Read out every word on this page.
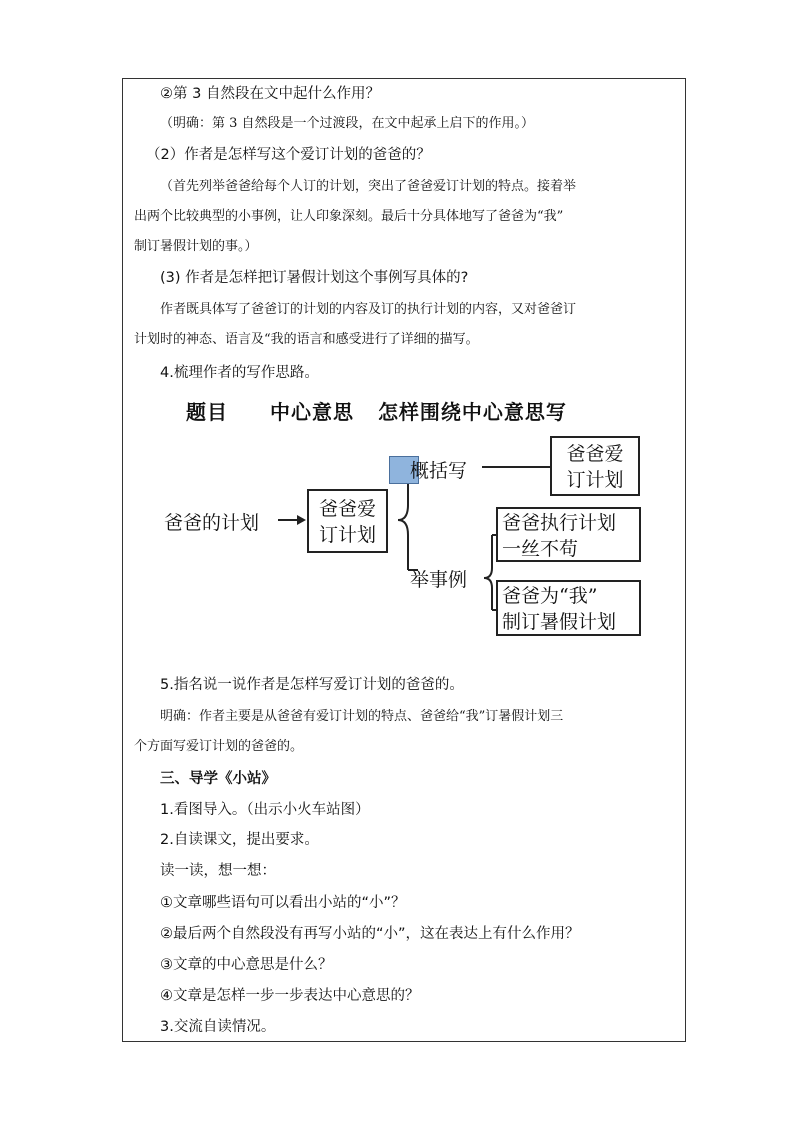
②第 3 自然段在文中起什么作用？
（明确：第 3 自然段是一个过渡段，在文中起承上启下的作用。）
（2）作者是怎样写这个爱订计划的爸爸的？
（首先列举爸爸给每个人订的计划，突出了爸爸爱订计划的特点。接着举
出两个比较典型的小事例，让人印象深刻。最后十分具体地写了爸爸为“我”
制订暑假计划的事。）
(3) 作者是怎样把订暑假计划这个事例写具体的?
作者既具体写了爸爸订的计划的内容及订的执行计划的内容，又对爸爸订
计划时的神态、语言及“我的语言和感受进行了详细的描写。
4.梳理作者的写作思路。
题目 中心意思 怎样围绕中心意思写
爸爸的计划
爸爸爱
订计划
概括写
举事例
爸爸爱
订计划
爸爸执行计划
一丝不苟
爸爸为“我”
制订暑假计划
5.指名说一说作者是怎样写爱订计划的爸爸的。
明确：作者主要是从爸爸有爱订计划的特点、爸爸给“我”订暑假计划三
个方面写爱订计划的爸爸的。
三、导学《小站》
1.看图导入。（出示小火车站图）
2.自读课文，提出要求。
读一读，想一想：
①文章哪些语句可以看出小站的“小”？
②最后两个自然段没有再写小站的“小”，这在表达上有什么作用？
③文章的中心意思是什么？
④文章是怎样一步一步表达中心意思的？
3.交流自读情况。
